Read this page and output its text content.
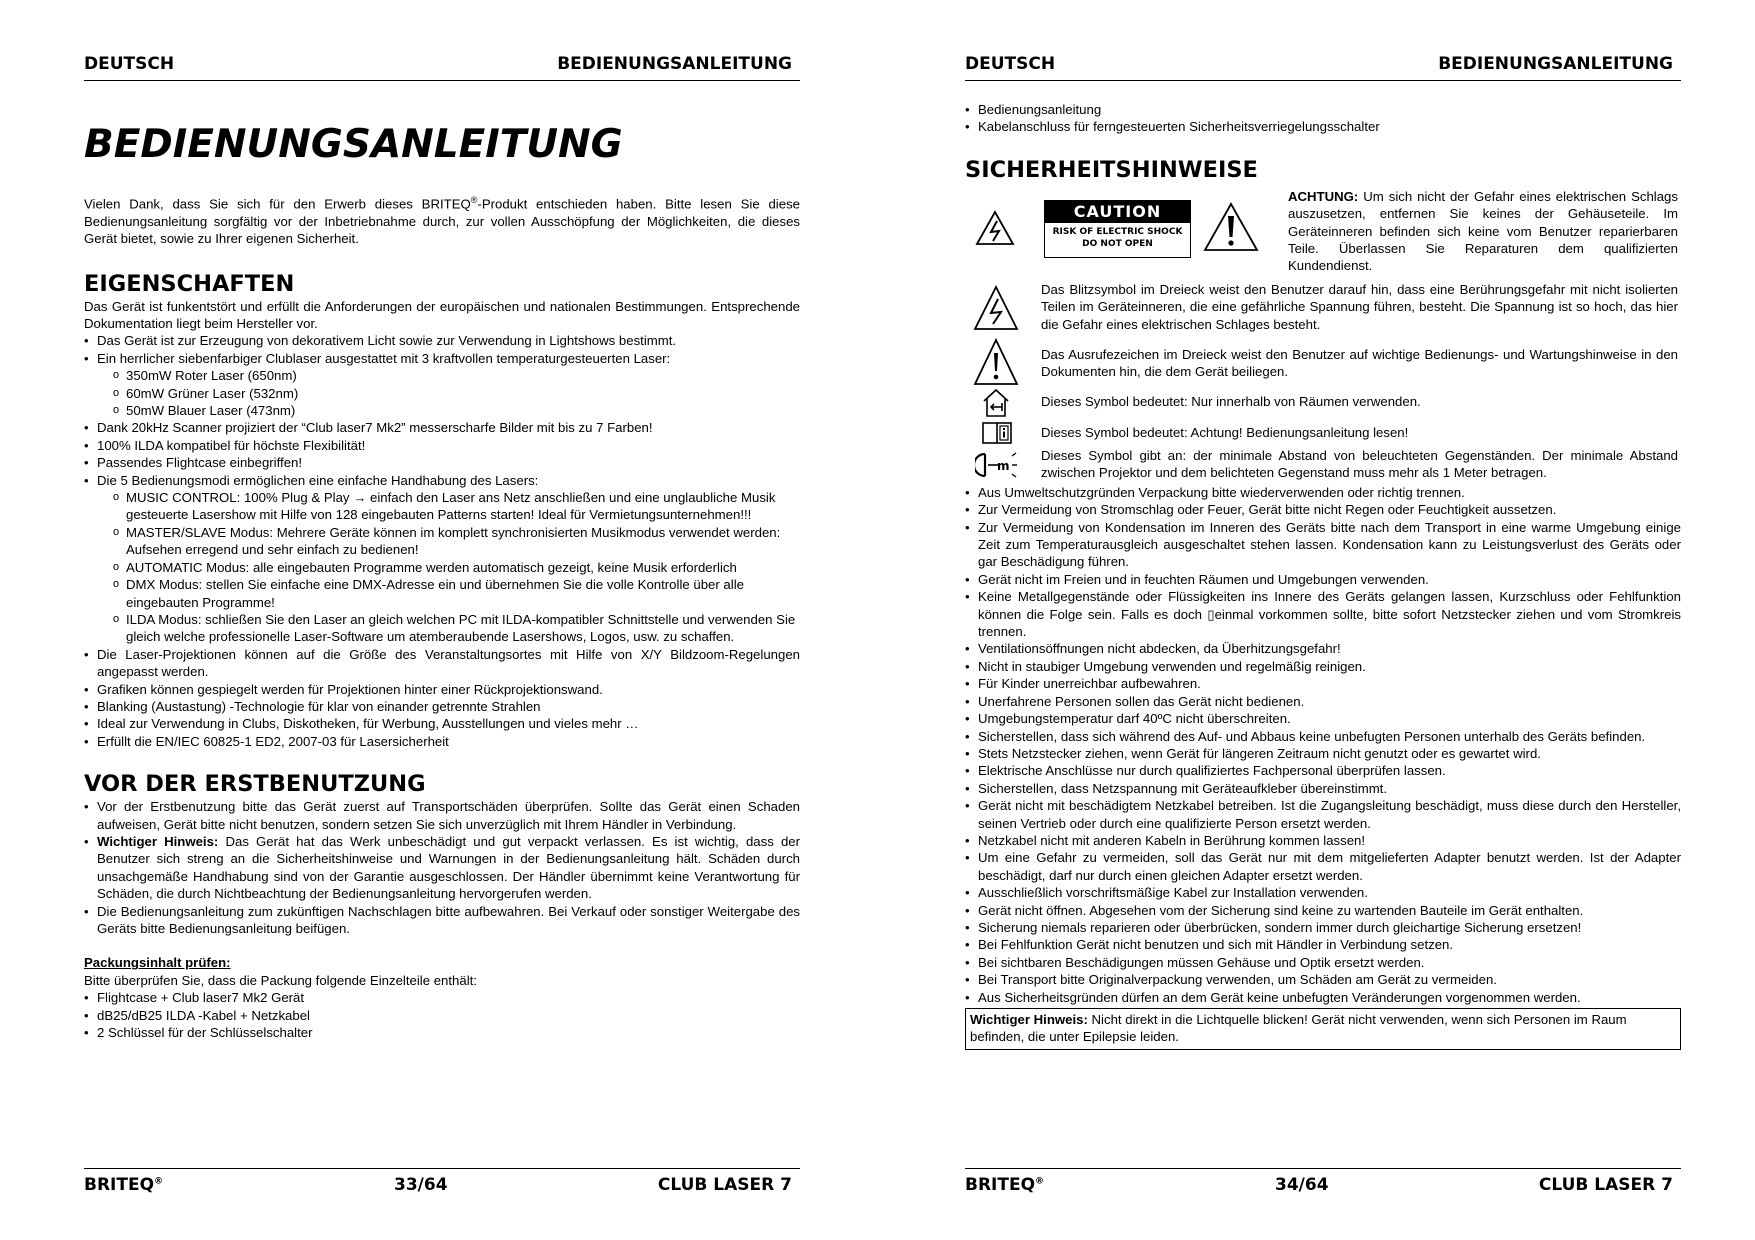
DEUTSCH	BEDIENUNGSANLEITUNG
BEDIENUNGSANLEITUNG

Vielen Dank, dass Sie sich für den Erwerb dieses BRITEQ®-Produkt entschieden haben. Bitte lesen Sie diese Bedienungsanleitung sorgfältig vor der Inbetriebnahme durch, zur vollen Ausschöpfung der Möglichkeiten, die dieses Gerät bietet, sowie zu Ihrer eigenen Sicherheit.

EIGENSCHAFTEN

Das Gerät ist funkentstört und erfüllt die Anforderungen der europäischen und nationalen Bestimmungen. Entsprechende Dokumentation liegt beim Hersteller vor.

• Das Gerät ist zur Erzeugung von dekorativem Licht sowie zur Verwendung in Lightshows bestimmt.
• Ein herrlicher siebenfarbiger Clublaser ausgestattet mit 3 kraftvollen temperaturgesteuerten Laser:
o 350mW Roter Laser (650nm)
o 60mW Grüner Laser (532nm)
o 50mW Blauer Laser (473nm)
• Dank 20kHz Scanner projiziert der “Club laser7 Mk2” messerscharfe Bilder mit bis zu 7 Farben!
• 100% ILDA kompatibel für höchste Flexibilität!
• Passendes Flightcase einbegriffen!
• Die 5 Bedienungsmodi ermöglichen eine einfache Handhabung des Lasers:
o MUSIC CONTROL: 100% Plug & Play → einfach den Laser ans Netz anschließen und eine unglaubliche Musik gesteuerte Lasershow mit Hilfe von 128 eingebauten Patterns starten! Ideal für Vermietungsunternehmen!!!
o MASTER/SLAVE Modus: Mehrere Geräte können im komplett synchronisierten Musikmodus verwendet werden: Aufsehen erregend und sehr einfach zu bedienen!
o AUTOMATIC Modus: alle eingebauten Programme werden automatisch gezeigt, keine Musik erforderlich
o DMX Modus: stellen Sie einfache eine DMX-Adresse ein und übernehmen Sie die volle Kontrolle über alle eingebauten Programme!
o ILDA Modus: schließen Sie den Laser an gleich welchen PC mit ILDA-kompatibler Schnittstelle und verwenden Sie gleich welche professionelle Laser-Software um atemberaubende Lasershows, Logos, usw. zu schaffen.
• Die Laser-Projektionen können auf die Größe des Veranstaltungsortes mit Hilfe von X/Y Bildzoom-Regelungen angepasst werden.
• Grafiken können gespiegelt werden für Projektionen hinter einer Rückprojektionswand.
• Blanking (Austastung) -Technologie für klar von einander getrennte Strahlen
• Ideal zur Verwendung in Clubs, Diskotheken, für Werbung, Ausstellungen und vieles mehr …
• Erfüllt die EN/IEC 60825-1 ED2, 2007-03 für Lasersicherheit
VOR DER ERSTBENUTZUNG
• Vor der Erstbenutzung bitte das Gerät zuerst auf Transportschäden überprüfen. Sollte das Gerät einen Schaden aufweisen, Gerät bitte nicht benutzen, sondern setzen Sie sich unverzüglich mit Ihrem Händler in Verbindung.
• Wichtiger Hinweis: Das Gerät hat das Werk unbeschädigt und gut verpackt verlassen. Es ist wichtig, dass der Benutzer sich streng an die Sicherheitshinweise und Warnungen in der Bedienungsanleitung hält. Schäden durch unsachgemäße Handhabung sind von der Garantie ausgeschlossen. Der Händler übernimmt keine Verantwortung für Schäden, die durch Nichtbeachtung der Bedienungsanleitung hervorgerufen werden.
• Die Bedienungsanleitung zum zukünftigen Nachschlagen bitte aufbewahren. Bei Verkauf oder sonstiger Weitergabe des Geräts bitte Bedienungsanleitung beifügen.

Packungsinhalt prüfen:

Bitte überprüfen Sie, dass die Packung folgende Einzelteile enthält:

• Flightcase + Club laser7 Mk2 Gerät
• dB25/dB25 ILDA -Kabel + Netzkabel
• 2 Schlüssel für der Schlüsselschalter
BRITEQ®	33/64	CLUB LASER 7
DEUTSCH	BEDIENUNGSANLEITUNG
• Bedienungsanleitung
• Kabelanschluss für ferngesteuerten Sicherheitsverriegelungsschalter
SICHERHEITSHINWEISE
CAUTION
RISK OF ELECTRIC SHOCK
DO NOT OPEN

ACHTUNG: Um sich nicht der Gefahr eines elektrischen Schlags auszusetzen, entfernen Sie keines der Gehäuseteile. Im Geräteinneren befinden sich keine vom Benutzer reparierbaren Teile. Überlassen Sie Reparaturen dem qualifizierten Kundendienst.

Das Blitzsymbol im Dreieck weist den Benutzer darauf hin, dass eine Berührungsgefahr mit nicht isolierten Teilen im Geräteinneren, die eine gefährliche Spannung führen, besteht. Die Spannung ist so hoch, das hier die Gefahr eines elektrischen Schlages besteht.

Das Ausrufezeichen im Dreieck weist den Benutzer auf wichtige Bedienungs- und Wartungshinweise in den Dokumenten hin, die dem Gerät beiliegen.

Dieses Symbol bedeutet: Nur innerhalb von Räumen verwenden.

Dieses Symbol bedeutet: Achtung! Bedienungsanleitung lesen!

m

Dieses Symbol gibt an: der minimale Abstand von beleuchteten Gegenständen. Der minimale Abstand zwischen Projektor und dem belichteten Gegenstand muss mehr als 1 Meter betragen.

• Aus Umweltschutzgründen Verpackung bitte wiederverwenden oder richtig trennen.
• Zur Vermeidung von Stromschlag oder Feuer, Gerät bitte nicht Regen oder Feuchtigkeit aussetzen.
• Zur Vermeidung von Kondensation im Inneren des Geräts bitte nach dem Transport in eine warme Umgebung einige Zeit zum Temperaturausgleich ausgeschaltet stehen lassen. Kondensation kann zu Leistungsverlust des Geräts oder gar Beschädigung führen.
• Gerät nicht im Freien und in feuchten Räumen und Umgebungen verwenden.
• Keine Metallgegenstände oder Flüssigkeiten ins Innere des Geräts gelangen lassen, Kurzschluss oder Fehlfunktion können die Folge sein. Falls es doch ▯einmal vorkommen sollte, bitte sofort Netzstecker ziehen und vom Stromkreis trennen.
• Ventilationsöffnungen nicht abdecken, da Überhitzungsgefahr!
• Nicht in staubiger Umgebung verwenden und regelmäßig reinigen.
• Für Kinder unerreichbar aufbewahren.
• Unerfahrene Personen sollen das Gerät nicht bedienen.
• Umgebungstemperatur darf 40ºC nicht überschreiten.
• Sicherstellen, dass sich während des Auf- und Abbaus keine unbefugten Personen unterhalb des Geräts befinden.
• Stets Netzstecker ziehen, wenn Gerät für längeren Zeitraum nicht genutzt oder es gewartet wird.
• Elektrische Anschlüsse nur durch qualifiziertes Fachpersonal überprüfen lassen.
• Sicherstellen, dass Netzspannung mit Geräteaufkleber übereinstimmt.
• Gerät nicht mit beschädigtem Netzkabel betreiben. Ist die Zugangsleitung beschädigt, muss diese durch den Hersteller, seinen Vertrieb oder durch eine qualifizierte Person ersetzt werden.
• Netzkabel nicht mit anderen Kabeln in Berührung kommen lassen!
• Um eine Gefahr zu vermeiden, soll das Gerät nur mit dem mitgelieferten Adapter benutzt werden. Ist der Adapter beschädigt, darf nur durch einen gleichen Adapter ersetzt werden.
• Ausschließlich vorschriftsmäßige Kabel zur Installation verwenden.
• Gerät nicht öffnen. Abgesehen vom der Sicherung sind keine zu wartenden Bauteile im Gerät enthalten.
• Sicherung niemals reparieren oder überbrücken, sondern immer durch gleichartige Sicherung ersetzen!
• Bei Fehlfunktion Gerät nicht benutzen und sich mit Händler in Verbindung setzen.
• Bei sichtbaren Beschädigungen müssen Gehäuse und Optik ersetzt werden.
• Bei Transport bitte Originalverpackung verwenden, um Schäden am Gerät zu vermeiden.
• Aus Sicherheitsgründen dürfen an dem Gerät keine unbefugten Veränderungen vorgenommen werden.
Wichtiger Hinweis: Nicht direkt in die Lichtquelle blicken! Gerät nicht verwenden, wenn sich Personen im Raum befinden, die unter Epilepsie leiden.
BRITEQ®	34/64	CLUB LASER 7
